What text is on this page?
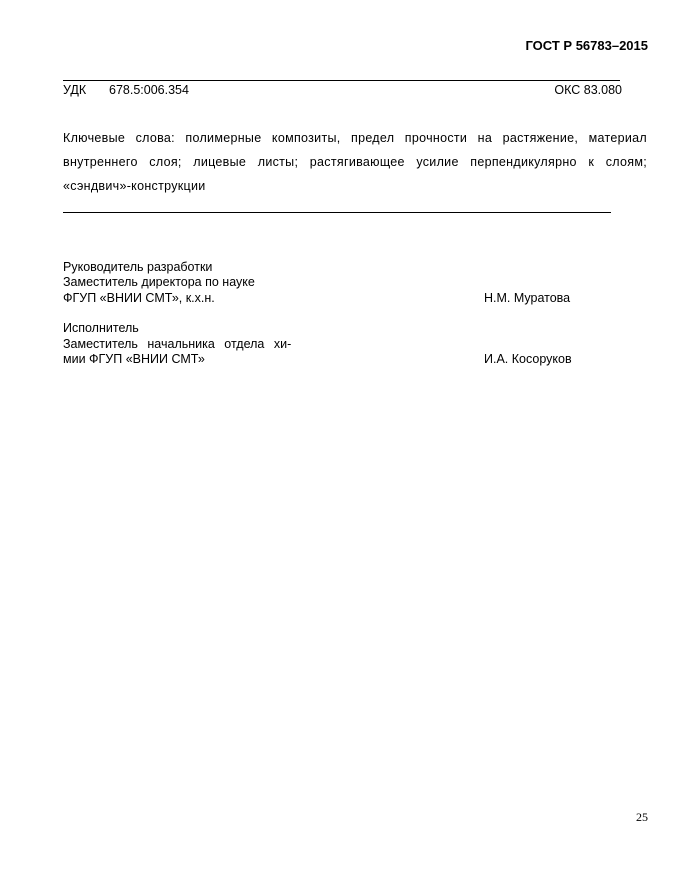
ГОСТ Р 56783–2015
УДК 678.5:006.354	ОКС 83.080
Ключевые слова: полимерные композиты, предел прочности на растяжение, материал внутреннего слоя; лицевые листы; растягивающее усилие перпендикулярно к слоям; «сэндвич»-конструкции
Руководитель разработки
Заместитель директора по науке
ФГУП «ВНИИ СМТ», к.х.н.	Н.М. Муратова
Исполнитель
Заместитель начальника отдела хи-
мии ФГУП «ВНИИ СМТ»	И.А. Косоруков
25
